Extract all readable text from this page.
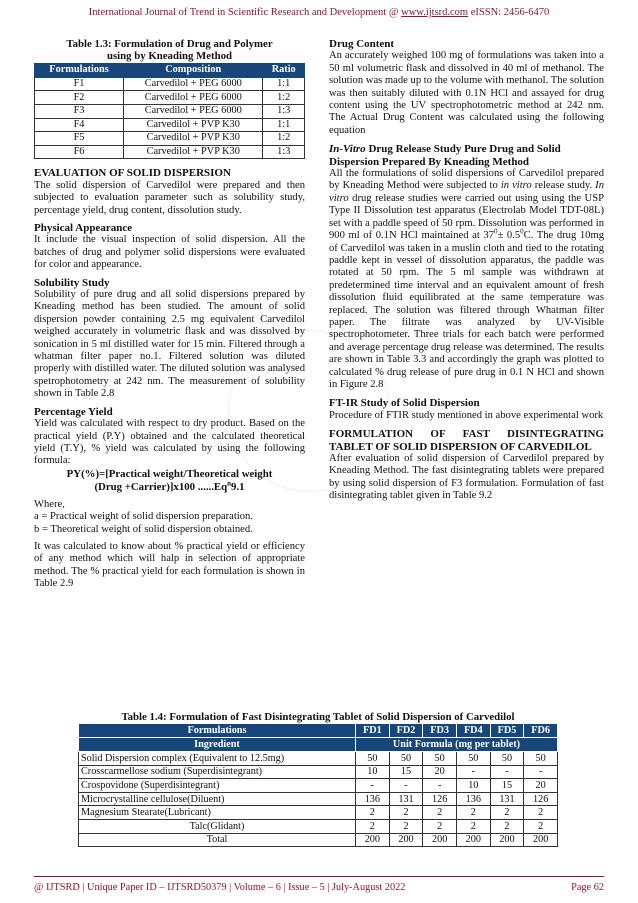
International Journal of Trend in Scientific Research and Development @ www.ijtsrd.com eISSN: 2456-6470

Table 1.3: Formulation of Drug and Polymer

using by Kneading Method

Formulations	Composition	Ratio
F1	Carvedilol + PEG 6000	1:1
F2	Carvedilol + PEG 6000	1:2
F3	Carvedilol + PEG 6000	1:3
F4	Carvedilol + PVP K30	1:1
F5	Carvedilol + PVP K30	1:2
F6	Carvedilol + PVP K30	1:3

EVALUATION OF SOLID DISPERSION

The solid dispersion of Carvedilol were prepared and then subjected to evaluation parameter such as solubility study, percentage yield, drug content, dissolution study.

Physical Appearance

It include the visual inspection of solid dispersion. All the batches of drug and polymer solid dispersions were evaluated for color and appearance.

Solubility Study

Solubility of pure drug and all solid dispersions prepared by Kneading method has been studied. The amount of solid dispersion powder containing 2.5 mg equivalent Carvedilol weighed accurately in volumetric flask and was dissolved by sonication in 5 ml distilled water for 15 min. Filtered through a whatman filter paper no.1. Filtered solution was diluted properly with distilled water. The diluted solution was analysed spetrophotometry at 242 nm. The measurement of solubility shown in Table 2.8

Percentage Yield

Yield was calculated with respect to dry product. Based on the practical yield (P.Y) obtained and the calculated theoretical yield (T.Y), % yield was calculated by using the following formula:

PY(%)=[Practical weight/Theoretical weight

(Drug +Carrier)]x100 ......Eq$^n$9.1

Where,

a = Practical weight of solid dispersion preparation.

b = Theoretical weight of solid dispersion obtained.

It was calculated to know about % practical yield or efficiency of any method which will halp in selection of appropriate method. The % practical yield for each formulation is shown in Table 2.9

Drug Content

An accurately weighed 100 mg of formulations was taken into a 50 ml volumetric flask and dissolved in 40 ml of methanol. The solution was made up to the volume with methanol. The solution was then suitably diluted with 0.1N HCl and assayed for drug content using the UV spectrophotometric method at 242 nm. The Actual Drug Content was calculated using the following equation

In-Vitro Drug Release Study Pure Drug and Solid Dispersion Prepared By Kneading Method

All the formulations of solid dispersions of Carvedilol prepared by Kneading Method were subjected to in vitro release study. In vitro drug release studies were carried out using using the USP Type II Dissolution test apparatus (Electrolab Model TDT-08L) set with a paddle speed of 50 rpm. Dissolution was performed in 900 ml of 0.1N HCl maintained at $37^0\pm 0.5^0C$. The drug 10mg of Carvedilol was taken in a muslin cloth and tied to the rotating paddle kept in vessel of dissolution apparatus, the paddle was rotated at 50 rpm. The 5 ml sample was withdrawn at predetermined time interval and an equivalent amount of fresh dissolution fluid equilibrated at the same temperature was replaced. The solution was filtered through Whatman filter paper. The filtrate was analyzed by UV-Visible spectrophotometer. Three trials for each batch were performed and average percentage drug release was determined. The results are shown in Table 3.3 and accordingly the graph was plotted to calculated % drug release of pure drug in 0.1 N HCl and shown in Figure 2.8

FT-IR Study of Solid Dispersion

Procedure of FTIR study mentioned in above experimental work

FORMULATION OF FAST DISINTEGRATING TABLET OF SOLID DISPERSION OF CARVEDILOL

After evaluation of solid dispersion of Carvedilol prepared by Kneading Method. The fast disintegrating tablets were prepared by using solid dispersion of F3 formulation. Formulation of fast disintegrating tablet given in Table 9.2

Table 1.4: Formulation of Fast Disintegrating Tablet of Solid Dispersion of Carvedilol

Formulations	FD1	FD2	FD3	FD4	FD5	FD6
Ingredient	Unit Formula (mg per tablet)					
Solid Dispersion complex (Equivalent to 12.5mg)	50	50	50	50	50	50
Crosscarmellose sodium (Superdisintegrant)	10	15	20	-	-	-
Crospovidone (Superdisintegrant)	-	-	-	10	15	20
Microcrystalline cellulose(Diluent)	136	131	126	136	131	126
Magnesium Stearate(Lubricant)	2	2	2	2	2	2
Talc(Glidant)	2	2	2	2	2	2
Total	200	200	200	200	200	200
@ IJTSRD | Unique Paper ID – IJTSRD50379 | Volume – 6 | Issue – 5 | July-August 2022	Page 62
